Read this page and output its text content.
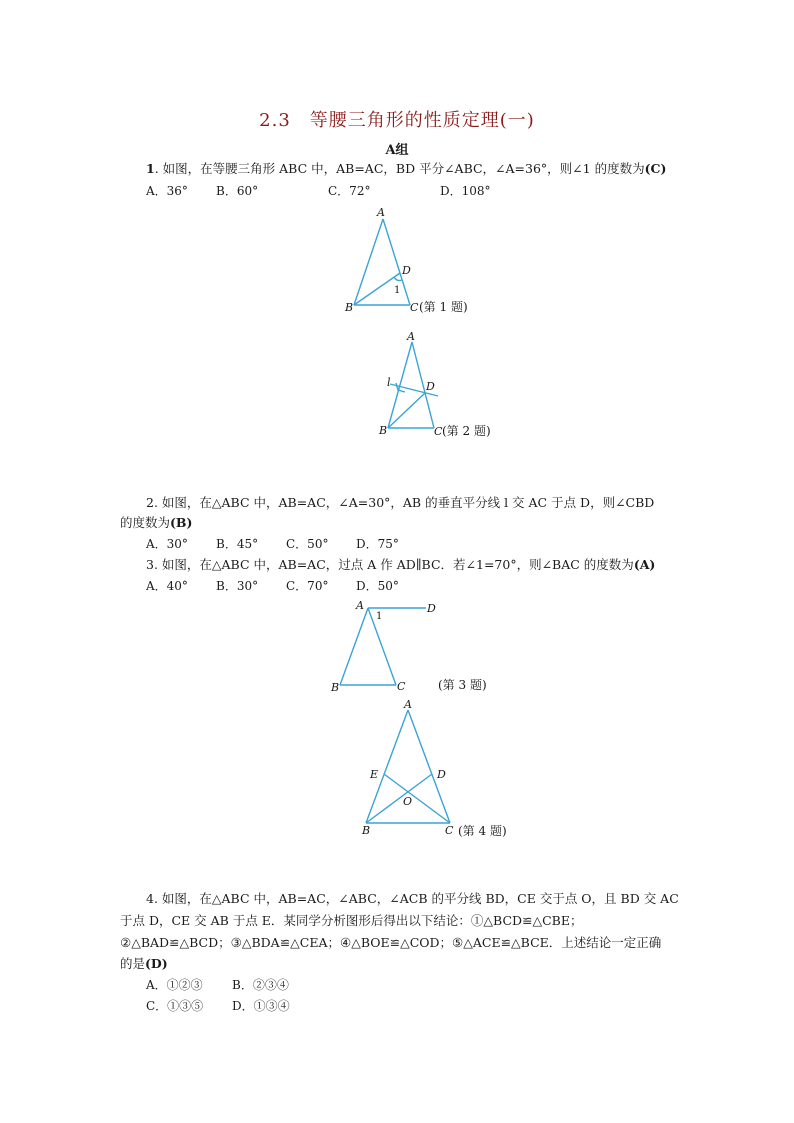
2.3　等腰三角形的性质定理(一)
A组
1. 如图，在等腰三角形 ABC 中，AB=AC，BD 平分∠ABC，∠A=36°，则∠1 的度数为(C)
A．36° B．60°	C．72°	D．108°
A
B	C
D
1
(第 1 题)
A
B	C
D
l
(第 2 题)
2. 如图，在△ABC 中，AB=AC，∠A=30°，AB 的垂直平分线 l 交 AC 于点 D，则∠CBD
的度数为(B)
A．30° B．45° C．50° D．75°
3. 如图，在△ABC 中，AB=AC，过点 A 作 AD∥BC．若∠1=70°，则∠BAC 的度数为(A)
A．40° B．30° C．70° D．50°
A
B	C
D
1
(第 3 题)
A
B	C
D
E
O
(第 4 题)
4. 如图，在△ABC 中，AB=AC，∠ABC，∠ACB 的平分线 BD，CE 交于点 O，且 BD 交 AC
于点 D，CE 交 AB 于点 E．某同学分析图形后得出以下结论：①△BCD≌△CBE；
②△BAD≌△BCD；③△BDA≌△CEA；④△BOE≌△COD；⑤△ACE≌△BCE．上述结论一定正确
的是(D)
A．①②③ B．②③④
C．①③⑤ D．①③④
